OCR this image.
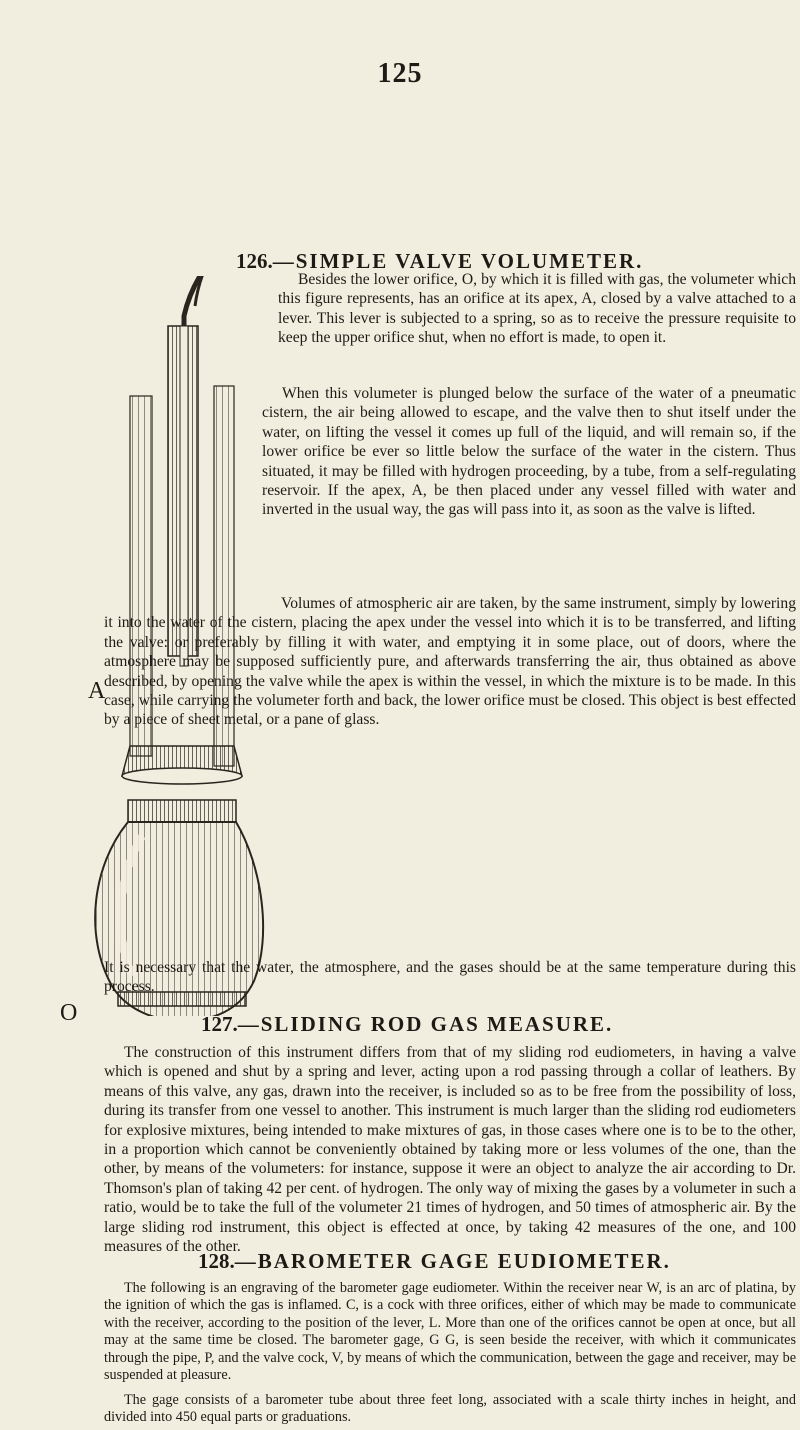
125
126.—SIMPLE VALVE VOLUMETER.
A
O

Besides the lower orifice, O, by which it is filled with gas, the volumeter which this figure represents, has an orifice at its apex, A, closed by a valve attached to a lever. This lever is subjected to a spring, so as to receive the pressure requisite to keep the upper orifice shut, when no effort is made, to open it.

When this volumeter is plunged below the surface of the water of a pneumatic cistern, the air being allowed to escape, and the valve then to shut itself under the water, on lifting the vessel it comes up full of the liquid, and will remain so, if the lower orifice be ever so little below the surface of the water in the cistern. Thus situated, it may be filled with hydrogen proceeding, by a tube, from a self-regulating reservoir. If the apex, A, be then placed under any vessel filled with water and inverted in the usual way, the gas will pass into it, as soon as the valve is lifted.

Volumes of atmospheric air are taken, by the same instrument, simply by lowering it into the water of the cistern, placing the apex under the vessel into which it is to be transferred, and lifting the valve: or preferably by filling it with water, and emptying it in some place, out of doors, where the atmosphere may be supposed sufficiently pure, and afterwards transferring the air, thus obtained as above described, by opening the valve while the apex is within the vessel, in which the mixture is to be made. In this case, while carrying the volumeter forth and back, the lower orifice must be closed. This object is best effected by a piece of sheet metal, or a pane of glass.

It is necessary that the water, the atmosphere, and the gases should be at the same temperature during this process.

127.—SLIDING ROD GAS MEASURE.

The construction of this instrument differs from that of my sliding rod eudiometers, in having a valve which is opened and shut by a spring and lever, acting upon a rod passing through a collar of leathers. By means of this valve, any gas, drawn into the receiver, is included so as to be free from the possibility of loss, during its transfer from one vessel to another. This instrument is much larger than the sliding rod eudiometers for explosive mixtures, being intended to make mixtures of gas, in those cases where one is to be to the other, in a proportion which cannot be conveniently obtained by taking more or less volumes of the one, than the other, by means of the volumeters: for instance, suppose it were an object to analyze the air according to Dr. Thomson's plan of taking 42 per cent. of hydrogen. The only way of mixing the gases by a volumeter in such a ratio, would be to take the full of the volumeter 21 times of hydrogen, and 50 times of atmospheric air. By the large sliding rod instrument, this object is effected at once, by taking 42 measures of the one, and 100 measures of the other.

128.—BAROMETER GAGE EUDIOMETER.

The following is an engraving of the barometer gage eudiometer. Within the receiver near W, is an arc of platina, by the ignition of which the gas is inflamed. C, is a cock with three orifices, either of which may be made to communicate with the receiver, according to the position of the lever, L. More than one of the orifices cannot be open at once, but all may at the same time be closed. The barometer gage, G G, is seen beside the receiver, with which it communicates through the pipe, P, and the valve cock, V, by means of which the communication, between the gage and receiver, may be suspended at pleasure.

The gage consists of a barometer tube about three feet long, associated with a scale thirty inches in height, and divided into 450 equal parts or graduations.
